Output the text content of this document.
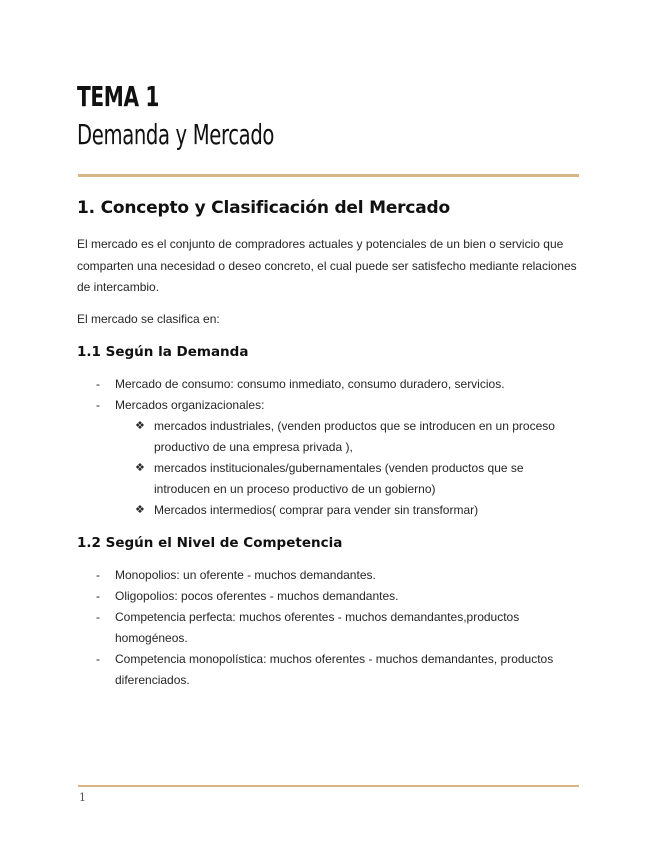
TEMA 1
Demanda y Mercado
1. Concepto y Clasificación del Mercado

El mercado es el conjunto de compradores actuales y potenciales de un bien o servicio que comparten una necesidad o deseo concreto, el cual puede ser satisfecho mediante relaciones de intercambio.

El mercado se clasifica en:

1.1 Según la Demanda
- Mercado de consumo: consumo inmediato, consumo duradero, servicios.
- Mercados organizacionales:
❖ mercados industriales, (venden productos que se introducen en un proceso productivo de una empresa privada ),
❖ mercados institucionales/gubernamentales (venden productos que se introducen en un proceso productivo de un gobierno)
❖ Mercados intermedios( comprar para vender sin transformar)
1.2 Según el Nivel de Competencia
- Monopolios: un oferente - muchos demandantes.
- Oligopolios: pocos oferentes - muchos demandantes.
- Competencia perfecta: muchos oferentes - muchos demandantes,productos homogéneos.
- Competencia monopolística: muchos oferentes - muchos demandantes, productos diferenciados.
1
